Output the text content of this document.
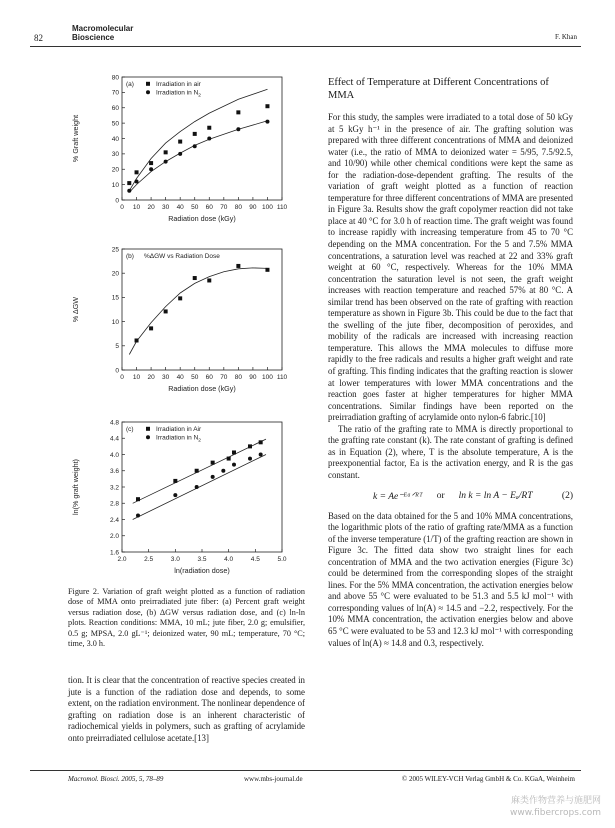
82
Macromolecular
Bioscience	F. Khan
0 10 20 30 40 50 60 70 80 90 100 110
0
10
20
30
40
50
60
70
80
Radiation dose (kGy)
% Graft weight
(a)	Irradiation in air
Irradiation in $N_2$
0 10 20 30 40 50 60 70 80 90 100 110
0
5
10
15
20
25
Radiation dose (kGy)
% ΔGW
(b) %ΔGW vs Radiation Dose
2.0	2.5	3.0	3.5	4.0	4.5	5.0
1.6
2.0
2.4
2.8
3.2
3.6
4.0
4.4
4.8
ln(radiation dose)
ln(% graft weight)
(c)	Irradiation in Air
Irradiation in $N_2$
Figure 2. Variation of graft weight plotted as a function of radiation dose of MMA onto preirradiated jute fiber: (a) Percent graft weight versus radiation dose, (b) ΔGW versus radiation dose, and (c) ln-ln plots. Reaction conditions: MMA, 10 mL; jute fiber, 2.0 g; emulsifier, 0.5 g; MPSA, 2.0 gL⁻¹; deionized water, 90 mL; temperature, 70 °C; time, 3.0 h.
tion. It is clear that the concentration of reactive species created in jute is a function of the radiation dose and depends, to some extent, on the radiation environment. The nonlinear dependence of grafting on radiation dose is an inherent characteristic of radiochemical yields in polymers, such as grafting of acrylamide onto preirradiated cellulose acetate.[13]
Effect of Temperature at Different Concentrations of MMA

For this study, the samples were irradiated to a total dose of 50 kGy at 5 kGy h⁻¹ in the presence of air. The grafting solution was prepared with three different concentrations of MMA and deionized water (i.e., the ratio of MMA to deionized water = 5/95, 7.5/92.5, and 10/90) while other chemical conditions were kept the same as for the radiation-dose-dependent grafting. The results of the variation of graft weight plotted as a function of reaction temperature for three different concentrations of MMA are presented in Figure 3a. Results show the graft copolymer reaction did not take place at 40 °C for 3.0 h of reaction time. The graft weight was found to increase rapidly with increasing temperature from 45 to 70 °C depending on the MMA concentration. For the 5 and 7.5% MMA concentrations, a saturation level was reached at 22 and 33% graft weight at 60 °C, respectively. Whereas for the 10% MMA concentration the saturation level is not seen, the graft weight increases with reaction temperature and reached 57% at 80 °C. A similar trend has been observed on the rate of grafting with reaction temperature as shown in Figure 3b. This could be due to the fact that the swelling of the jute fiber, decomposition of peroxides, and mobility of the radicals are increased with increasing reaction temperature. This allows the MMA molecules to diffuse more rapidly to the free radicals and results a higher graft weight and rate of grafting. This finding indicates that the grafting reaction is slower at lower temperatures with lower MMA concentrations and the reaction goes faster at higher temperatures for higher MMA concentrations. Similar findings have been reported on the preirradiation grafting of acrylamide onto nylon-6 fabric.[10]

The ratio of the grafting rate to MMA is directly proportional to the grafting rate constant (k). The rate constant of grafting is defined as in Equation (2), where, T is the absolute temperature, A is the preexponential factor, Ea is the activation energy, and R is the gas constant.

k = Ae⁻ᴱᵃᐟᴿᵀ or ln k = ln A − Eₐ/RT	(2)

Based on the data obtained for the 5 and 10% MMA concentrations, the logarithmic plots of the ratio of grafting rate/MMA as a function of the inverse temperature (1/T) of the grafting reaction are shown in Figure 3c. The fitted data show two straight lines for each concentration of MMA and the two activation energies (Figure 3c) could be determined from the corresponding slopes of the straight lines. For the 5% MMA concentration, the activation energies below and above 55 °C were evaluated to be 51.3 and 5.5 kJ mol⁻¹ with corresponding values of ln(A) ≈ 14.5 and −2.2, respectively. For the 10% MMA concentration, the activation energies below and above 65 °C were evaluated to be 53 and 12.3 kJ mol⁻¹ with corresponding values of ln(A) ≈ 14.8 and 0.3, respectively.

Macromol. Biosci. 2005, 5, 78–89	www.mbs-journal.de	© 2005 WILEY-VCH Verlag GmbH & Co. KGaA, Weinheim
麻类作物营养与施肥网
www.fibercrops.com
